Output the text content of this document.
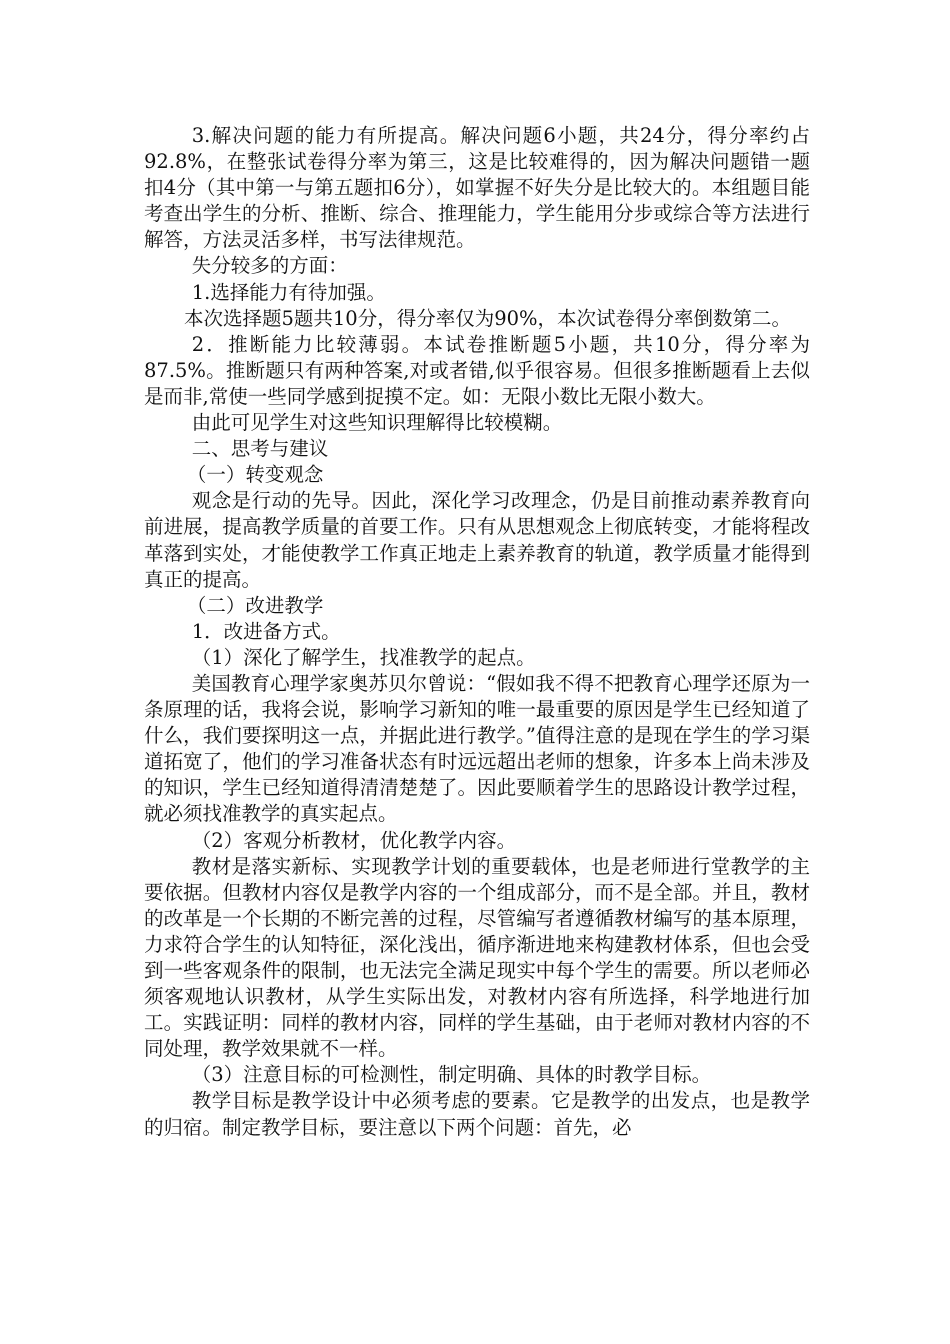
3.解决问题的能力有所提高。解决问题6小题，共24分，得分率约占92.8%，在整张试卷得分率为第三，这是比较难得的，因为解决问题错一题扣4分（其中第一与第五题扣6分），如掌握不好失分是比较大的。本组题目能考查出学生的分析、推断、综合、推理能力，学生能用分步或综合等方法进行解答，方法灵活多样，书写法律规范。

失分较多的方面：

1.选择能力有待加强。

本次选择题5题共10分，得分率仅为90%，本次试卷得分率倒数第二。

2．推断能力比较薄弱。本试卷推断题5小题，共10分，得分率为87.5%。推断题只有两种答案,对或者错,似乎很容易。但很多推断题看上去似是而非,常使一些同学感到捉摸不定。如：无限小数比无限小数大。

由此可见学生对这些知识理解得比较模糊。

二、思考与建议

（一）转变观念

观念是行动的先导。因此，深化学习改理念，仍是目前推动素养教育向前进展，提高教学质量的首要工作。只有从思想观念上彻底转变，才能将程改革落到实处，才能使教学工作真正地走上素养教育的轨道，教学质量才能得到真正的提高。

（二）改进教学

1．改进备方式。

（1）深化了解学生，找准教学的起点。

美国教育心理学家奥苏贝尔曾说：“假如我不得不把教育心理学还原为一条原理的话，我将会说，影响学习新知的唯一最重要的原因是学生已经知道了什么，我们要探明这一点，并据此进行教学。”值得注意的是现在学生的学习渠道拓宽了，他们的学习准备状态有时远远超出老师的想象，许多本上尚未涉及的知识，学生已经知道得清清楚楚了。因此要顺着学生的思路设计教学过程，就必须找准教学的真实起点。

（2）客观分析教材，优化教学内容。

教材是落实新标、实现教学计划的重要载体，也是老师进行堂教学的主要依据。但教材内容仅是教学内容的一个组成部分，而不是全部。并且，教材的改革是一个长期的不断完善的过程，尽管编写者遵循教材编写的基本原理，力求符合学生的认知特征，深化浅出，循序渐进地来构建教材体系，但也会受到一些客观条件的限制，也无法完全满足现实中每个学生的需要。所以老师必须客观地认识教材，从学生实际出发，对教材内容有所选择，科学地进行加工。实践证明：同样的教材内容，同样的学生基础，由于老师对教材内容的不同处理，教学效果就不一样。

（3）注意目标的可检测性，制定明确、具体的时教学目标。

教学目标是教学设计中必须考虑的要素。它是教学的出发点，也是教学的归宿。制定教学目标，要注意以下两个问题：首先，必
